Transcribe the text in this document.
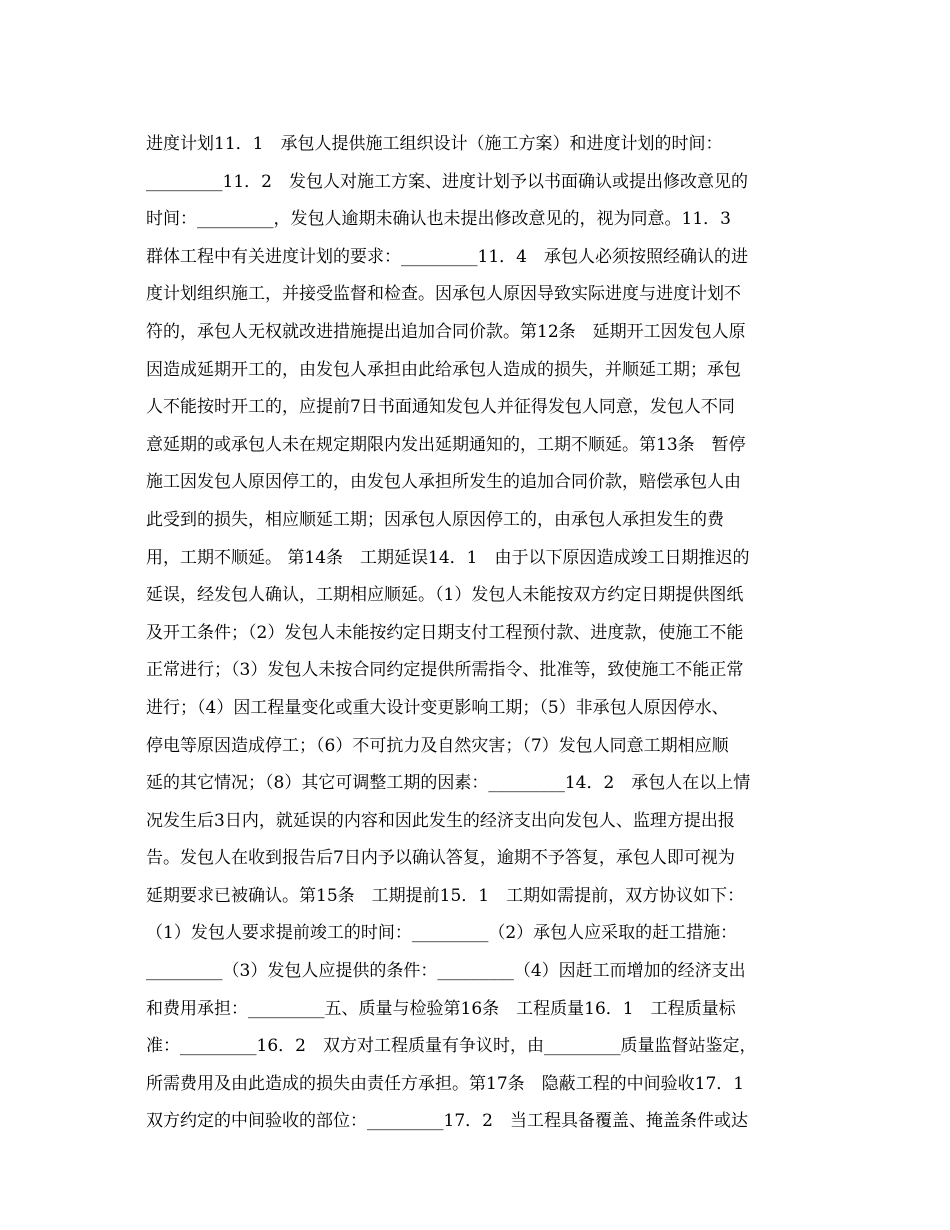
进度计划11．1　承包人提供施工组织设计（施工方案）和进度计划的时间：
_________11．2　发包人对施工方案、进度计划予以书面确认或提出修改意见的
时间：_________，发包人逾期未确认也未提出修改意见的，视为同意。11．3
群体工程中有关进度计划的要求：_________11．4　承包人必须按照经确认的进
度计划组织施工，并接受监督和检查。因承包人原因导致实际进度与进度计划不
符的，承包人无权就改进措施提出追加合同价款。第12条　延期开工因发包人原
因造成延期开工的，由发包人承担由此给承包人造成的损失，并顺延工期；承包
人不能按时开工的，应提前7日书面通知发包人并征得发包人同意，发包人不同
意延期的或承包人未在规定期限内发出延期通知的，工期不顺延。第13条　暂停
施工因发包人原因停工的，由发包人承担所发生的追加合同价款，赔偿承包人由
此受到的损失，相应顺延工期；因承包人原因停工的，由承包人承担发生的费
用，工期不顺延。 第14条　工期延误14．1　由于以下原因造成竣工日期推迟的
延误，经发包人确认，工期相应顺延。（1）发包人未能按双方约定日期提供图纸
及开工条件；（2）发包人未能按约定日期支付工程预付款、进度款，使施工不能
正常进行；（3）发包人未按合同约定提供所需指令、批准等，致使施工不能正常
进行；（4）因工程量变化或重大设计变更影响工期；（5）非承包人原因停水、
停电等原因造成停工；（6）不可抗力及自然灾害；（7）发包人同意工期相应顺
延的其它情况；（8）其它可调整工期的因素：_________14．2　承包人在以上情
况发生后3日内，就延误的内容和因此发生的经济支出向发包人、监理方提出报
告。发包人在收到报告后7日内予以确认答复，逾期不予答复，承包人即可视为
延期要求已被确认。第15条　工期提前15．1　工期如需提前，双方协议如下：
（1）发包人要求提前竣工的时间：_________（2）承包人应采取的赶工措施：
_________（3）发包人应提供的条件：_________（4）因赶工而增加的经济支出
和费用承担：_________五、质量与检验第16条　工程质量16．1　工程质量标
准：_________16．2　双方对工程质量有争议时，由_________质量监督站鉴定，
所需费用及由此造成的损失由责任方承担。第17条　隐蔽工程的中间验收17．1
双方约定的中间验收的部位：_________17．2　当工程具备覆盖、掩盖条件或达
